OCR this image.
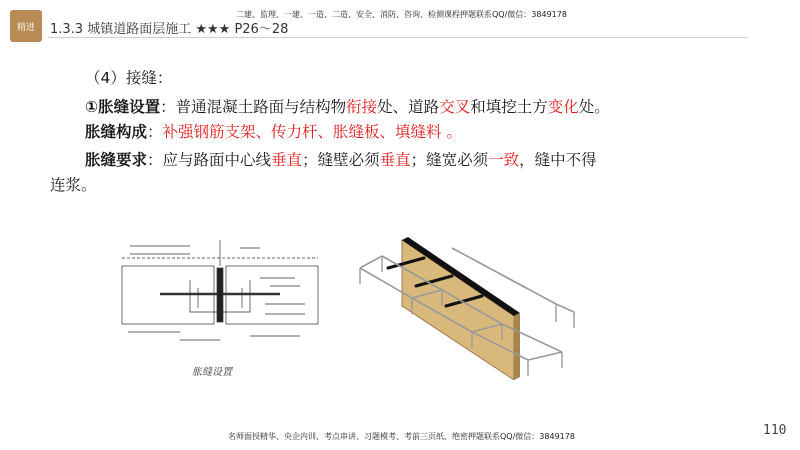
精进 1.3.3 城镇道路面层施工 ★★★ P26～28
二建、监理、一建、一造、二造、安全、消防、咨询、检测课程押题联系QQ/微信：3849178
（4）接缝：
①胀缝设置：普通混凝土路面与结构物衔接处、道路交叉和填挖土方变化处。
胀缝构成：补强钢筋支架、传力杆、胀缝板、填缝料 。
胀缝要求：应与路面中心线垂直；缝壁必须垂直；缝宽必须一致，缝中不得
连浆。
胀缝设置
名师面授精华、央企内训、考点串讲、习题模考、考前三页纸、绝密押题联系QQ/微信：3849178	110
